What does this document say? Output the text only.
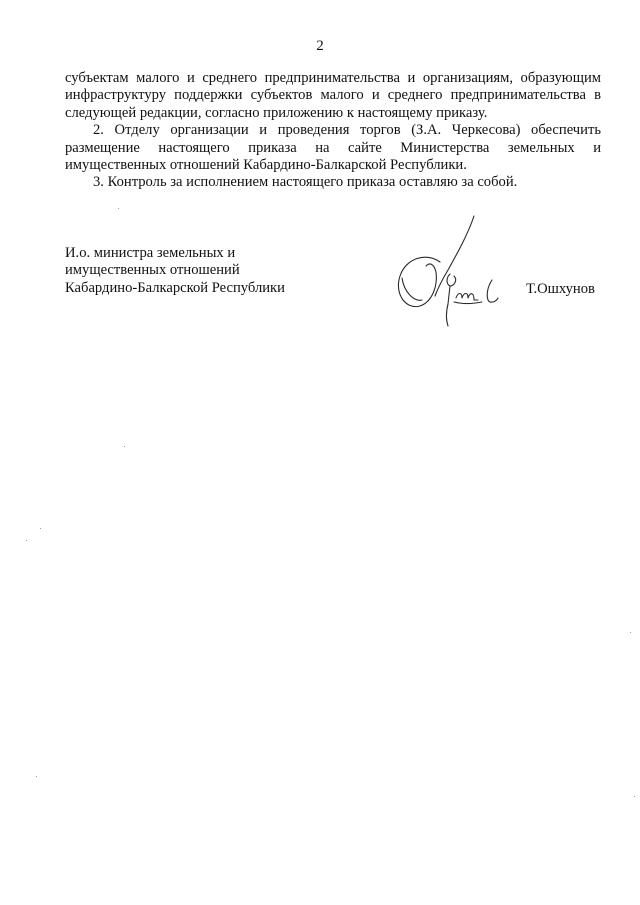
2

субъектам малого и среднего предпринимательства и организациям, образующим инфраструктуру поддержки субъектов малого и среднего предпринимательства в следующей редакции, согласно приложению к настоящему приказу.

2. Отделу организации и проведения торгов (З.А. Черкесова) обеспечить размещение настоящего приказа на сайте Министерства земельных и имущественных отношений Кабардино-Балкарской Республики.

3. Контроль за исполнением настоящего приказа оставляю за собой.

И.о. министра земельных и
имущественных отношений
Кабардино-Балкарской Республики	Т.Ошхунов
